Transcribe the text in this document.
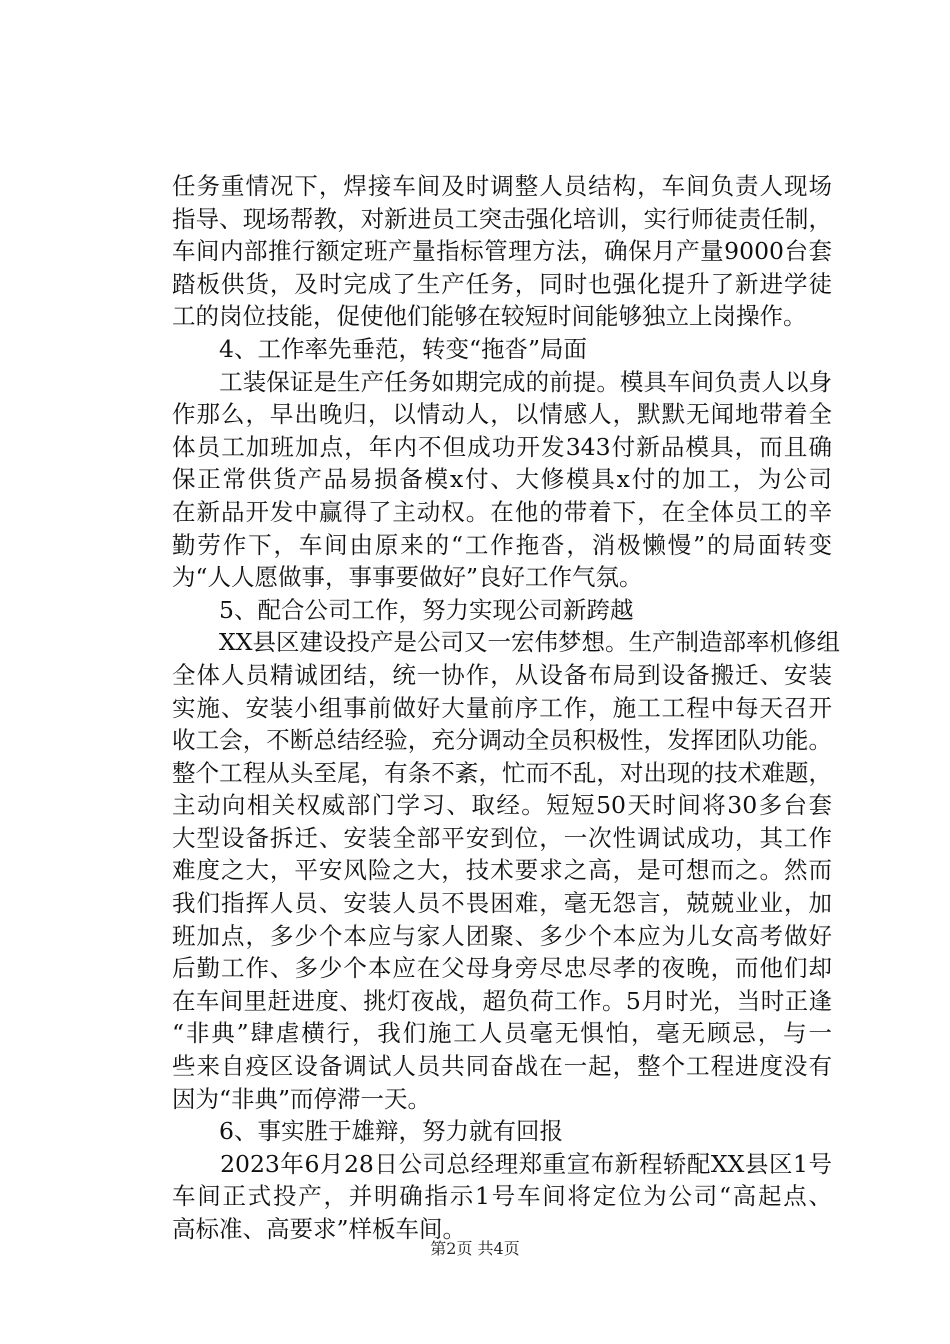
任务重情况下，焊接车间及时调整人员结构，车间负责人现场
指导、现场帮教，对新进员工突击强化培训，实行师徒责任制，
车间内部推行额定班产量指标管理方法，确保月产量9000台套
踏板供货，及时完成了生产任务，同时也强化提升了新进学徒
工的岗位技能，促使他们能够在较短时间能够独立上岗操作。
　　4、工作率先垂范，转变“拖沓”局面
　　工装保证是生产任务如期完成的前提。模具车间负责人以身
作那么，早出晚归，以情动人，以情感人，默默无闻地带着全
体员工加班加点，年内不但成功开发343付新品模具，而且确
保正常供货产品易损备模x付、大修模具x付的加工，为公司
在新品开发中赢得了主动权。在他的带着下，在全体员工的辛
勤劳作下，车间由原来的“工作拖沓，消极懒慢”的局面转变
为“人人愿做事，事事要做好”良好工作气氛。
　　5、配合公司工作，努力实现公司新跨越
　　XX县区建设投产是公司又一宏伟梦想。生产制造部率机修组
全体人员精诚团结，统一协作，从设备布局到设备搬迁、安装
实施、安装小组事前做好大量前序工作，施工工程中每天召开
收工会，不断总结经验，充分调动全员积极性，发挥团队功能。
整个工程从头至尾，有条不紊，忙而不乱，对出现的技术难题，
主动向相关权威部门学习、取经。短短50天时间将30多台套
大型设备拆迁、安装全部平安到位，一次性调试成功，其工作
难度之大，平安风险之大，技术要求之高，是可想而之。然而
我们指挥人员、安装人员不畏困难，毫无怨言，兢兢业业，加
班加点，多少个本应与家人团聚、多少个本应为儿女高考做好
后勤工作、多少个本应在父母身旁尽忠尽孝的夜晚，而他们却
在车间里赶进度、挑灯夜战，超负荷工作。5月时光，当时正逢
“非典”肆虐横行，我们施工人员毫无惧怕，毫无顾忌，与一
些来自疫区设备调试人员共同奋战在一起，整个工程进度没有
因为“非典”而停滞一天。
　　6、事实胜于雄辩，努力就有回报
　　2023年6月28日公司总经理郑重宣布新程轿配XX县区1号
车间正式投产，并明确指示1号车间将定位为公司“高起点、
高标准、高要求”样板车间。
第2页 共4页
